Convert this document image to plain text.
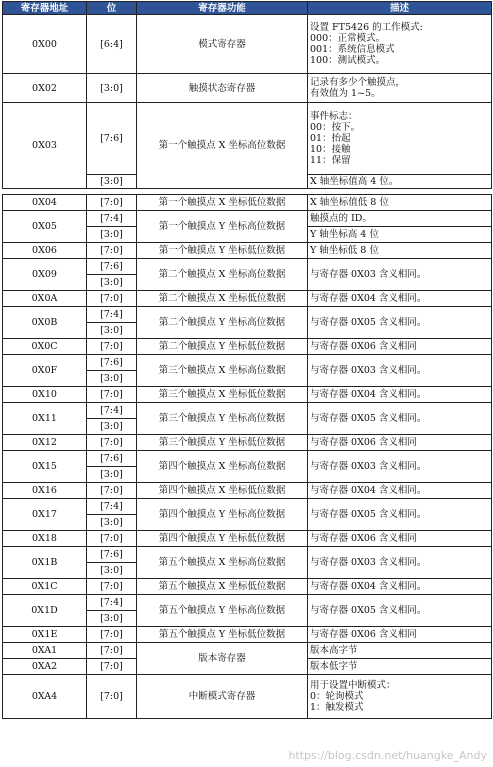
寄存器地址	位	寄存器功能	描述
0X00	[6:4]	模式寄存器	设置 FT5426 的工作模式:
000：正常模式。
001：系统信息模式
100：测试模式。
0X02	[3:0]	触摸状态寄存器	记录有多少个触摸点，
有效值为 1~5。
0X03	[7:6]	第一个触摸点 X 坐标高位数据	事件标志：
00：按下。
01：抬起
10：接触
11：保留
	[3:0]		X 轴坐标值高 4 位。

0X04	[7:0]	第一个触摸点 X 坐标低位数据	X 轴坐标值低 8 位
0X05	[7:4]	第一个触摸点 Y 坐标高位数据	触摸点的 ID。
	[3:0]		Y 轴坐标高 4 位
0X06	[7:0]	第一个触摸点 Y 坐标低位数据	Y 轴坐标低 8 位
0X09	[7:6]	第二个触摸点 X 坐标高位数据	与寄存器 0X03 含义相同。
	[3:0]		
0X0A	[7:0]	第二个触摸点 X 坐标低位数据	与寄存器 0X04 含义相同。
0X0B	[7:4]	第二个触摸点 Y 坐标高位数据	与寄存器 0X05 含义相同。
	[3:0]		
0X0C	[7:0]	第二个触摸点 Y 坐标低位数据	与寄存器 0X06 含义相同
0X0F	[7:6]	第三个触摸点 X 坐标高位数据	与寄存器 0X03 含义相同。
	[3:0]		
0X10	[7:0]	第三个触摸点 X 坐标低位数据	与寄存器 0X04 含义相同。
0X11	[7:4]	第三个触摸点 Y 坐标高位数据	与寄存器 0X05 含义相同。
	[3:0]		
0X12	[7:0]	第三个触摸点 Y 坐标低位数据	与寄存器 0X06 含义相同
0X15	[7:6]	第四个触摸点 X 坐标高位数据	与寄存器 0X03 含义相同。
	[3:0]		
0X16	[7:0]	第四个触摸点 X 坐标低位数据	与寄存器 0X04 含义相同。
0X17	[7:4]	第四个触摸点 Y 坐标高位数据	与寄存器 0X05 含义相同。
	[3:0]		
0X18	[7:0]	第四个触摸点 Y 坐标低位数据	与寄存器 0X06 含义相同
0X1B	[7:6]	第五个触摸点 X 坐标高位数据	与寄存器 0X03 含义相同。
	[3:0]		
0X1C	[7:0]	第五个触摸点 X 坐标低位数据	与寄存器 0X04 含义相同。
0X1D	[7:4]	第五个触摸点 Y 坐标高位数据	与寄存器 0X05 含义相同。
	[3:0]		
0X1E	[7:0]	第五个触摸点 Y 坐标低位数据	与寄存器 0X06 含义相同
0XA1	[7:0]	版本寄存器	版本高字节
0XA2	[7:0]		版本低字节
0XA4	[7:0]	中断模式寄存器	用于设置中断模式：
0：轮询模式
1：触发模式
https://blog.csdn.net/huangke_Andy
